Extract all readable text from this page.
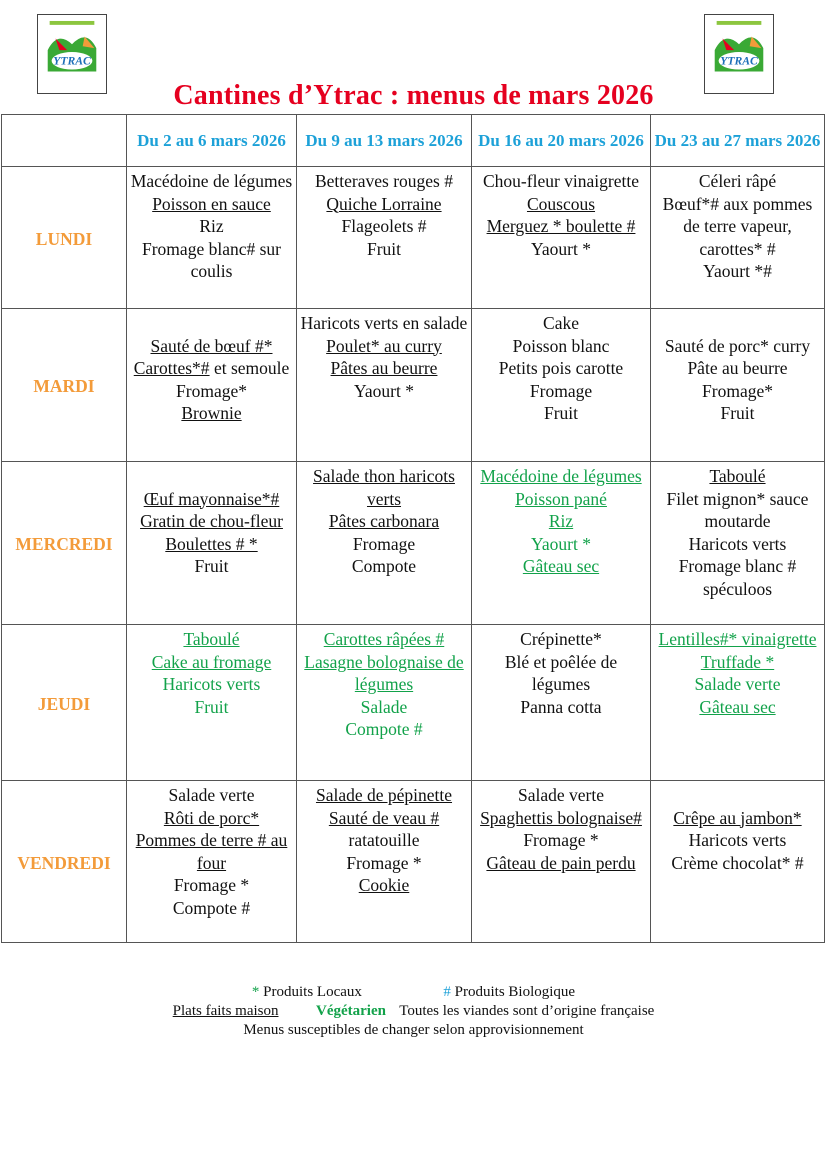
YTRAC	YTRAC
Cantines d’Ytrac : menus de mars 2026
	Du 2 au 6 mars 2026	Du 9 au 13 mars 2026	Du 16 au 20 mars 2026	Du 23 au 27 mars 2026
LUNDI	Macédoine de légumes
Poisson en sauce
Riz
Fromage blanc# sur coulis	Betteraves rouges #
Quiche Lorraine
Flageolets #
Fruit	Chou-fleur vinaigrette
Couscous
Merguez * boulette #
Yaourt *	Céleri râpé
Bœuf*# aux pommes de terre vapeur, carottes* #
Yaourt *#

MARDI	Sauté de bœuf #*
Carottes*# et semoule
Fromage*
Brownie	Haricots verts en salade
Poulet* au curry
Pâtes au beurre
Yaourt *	Cake
Poisson blanc
Petits pois carotte
Fromage
Fruit	Sauté de porc* curry
Pâte au beurre
Fromage*
Fruit

MERCREDI	Œuf mayonnaise*#
Gratin de chou-fleur
Boulettes # *
Fruit	Salade thon haricots verts
Pâtes carbonara
Fromage
Compote	Macédoine de légumes
Poisson pané
Riz
Yaourt *
Gâteau sec	Taboulé
Filet mignon* sauce moutarde
Haricots verts
Fromage blanc # spéculoos

JEUDI	Taboulé
Cake au fromage
Haricots verts
Fruit	Carottes râpées #
Lasagne bolognaise de légumes
Salade
Compote #	Crépinette*
Blé et poêlée de légumes
Panna cotta	Lentilles#* vinaigrette
Truffade *
Salade verte
Gâteau sec

VENDREDI	Salade verte
Rôti de porc*
Pommes de terre # au four
Fromage *
Compote #	Salade de pépinette
Sauté de veau #
ratatouille
Fromage *
Cookie	Salade verte
Spaghettis bolognaise#
Fromage *
Gâteau de pain perdu	Crêpe au jambon*
Haricots verts
Crème chocolat* #
* Produits Locaux	# Produits Biologique
Plats faits maison	Végétarien Toutes les viandes sont d’origine française
Menus susceptibles de changer selon approvisionnement
